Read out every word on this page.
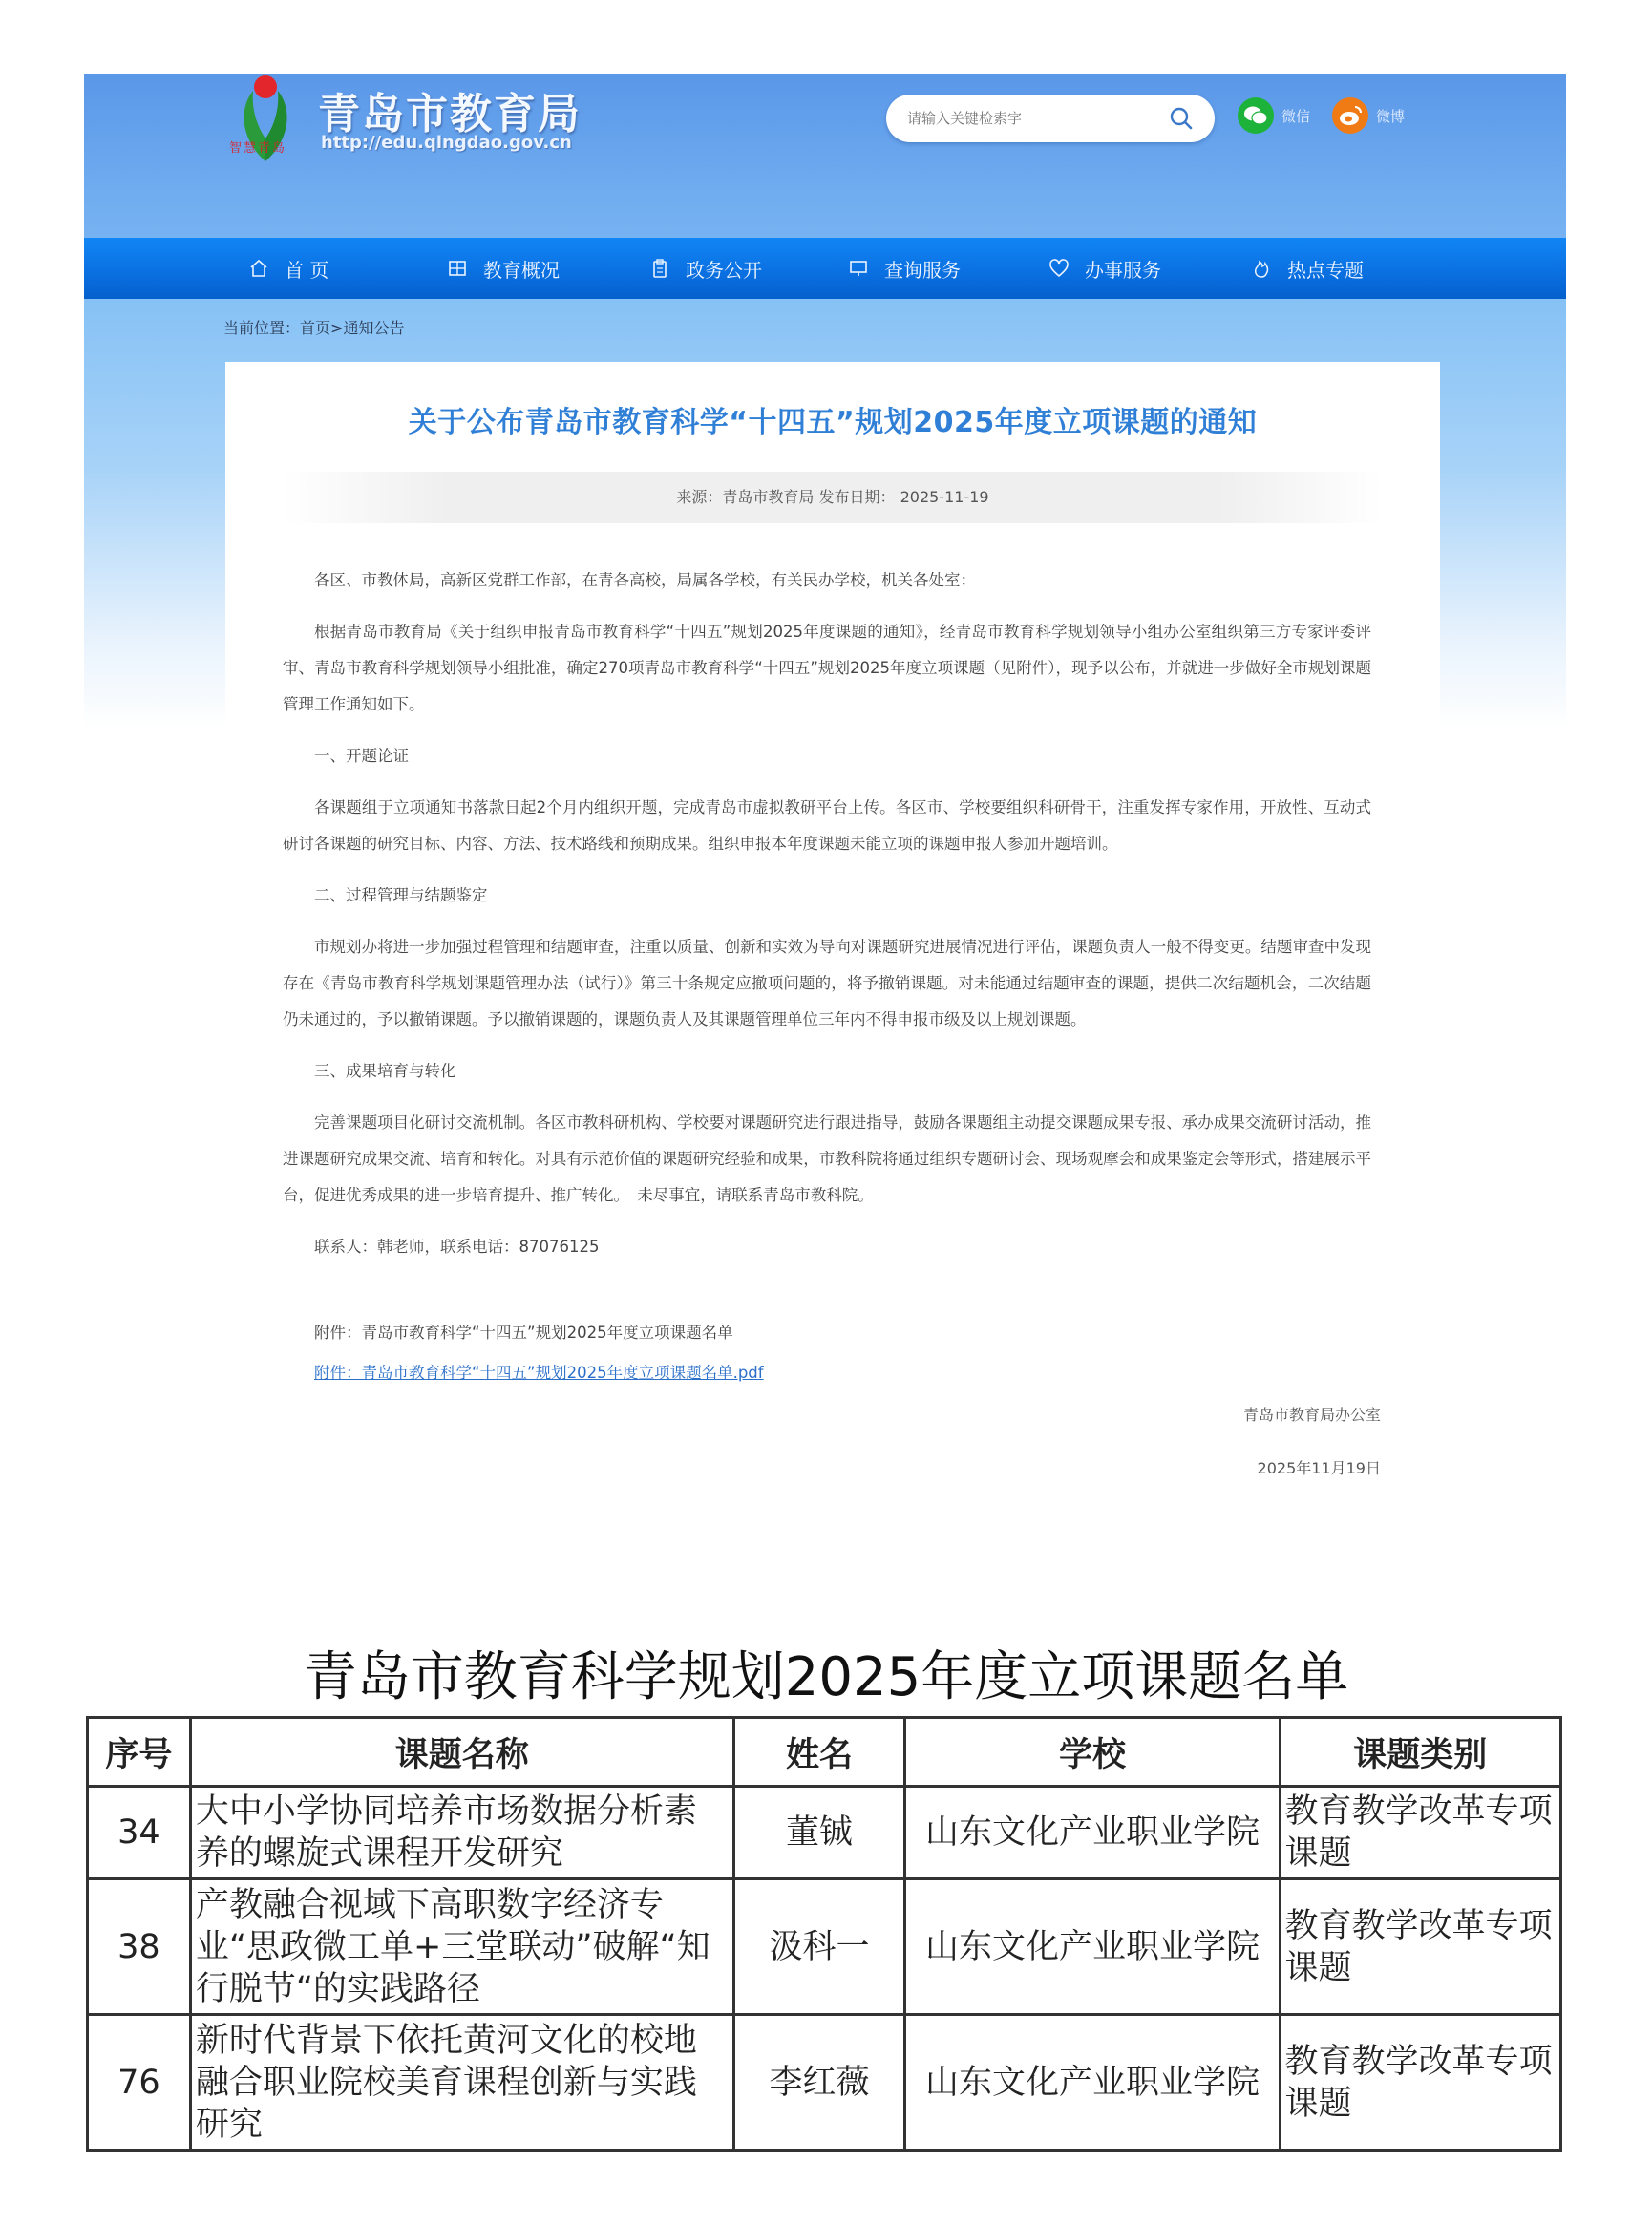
智慧青岛
青岛市教育局
http://edu.qingdao.gov.cn
请输入关键检索字
微信	微博
首 页	教育概况	政务公开	查询服务	办事服务	热点专题
当前位置：首页>通知公告
关于公布青岛市教育科学“十四五”规划2025年度立项课题的通知
来源：青岛市教育局 发布日期： 2025-11-19

各区、市教体局，高新区党群工作部，在青各高校，局属各学校，有关民办学校，机关各处室：

根据青岛市教育局《关于组织申报青岛市教育科学“十四五”规划2025年度课题的通知》，经青岛市教育科学规划领导小组办公室组织第三方专家评委评审、青岛市教育科学规划领导小组批准，确定270项青岛市教育科学“十四五”规划2025年度立项课题（见附件），现予以公布，并就进一步做好全市规划课题管理工作通知如下。

一、开题论证

各课题组于立项通知书落款日起2个月内组织开题，完成青岛市虚拟教研平台上传。各区市、学校要组织科研骨干，注重发挥专家作用，开放性、互动式研讨各课题的研究目标、内容、方法、技术路线和预期成果。组织申报本年度课题未能立项的课题申报人参加开题培训。

二、过程管理与结题鉴定

市规划办将进一步加强过程管理和结题审查，注重以质量、创新和实效为导向对课题研究进展情况进行评估，课题负责人一般不得变更。结题审查中发现存在《青岛市教育科学规划课题管理办法（试行）》第三十条规定应撤项问题的，将予撤销课题。对未能通过结题审查的课题，提供二次结题机会，二次结题仍未通过的，予以撤销课题。予以撤销课题的，课题负责人及其课题管理单位三年内不得申报市级及以上规划课题。

三、成果培育与转化

完善课题项目化研讨交流机制。各区市教科研机构、学校要对课题研究进行跟进指导，鼓励各课题组主动提交课题成果专报、承办成果交流研讨活动，推进课题研究成果交流、培育和转化。对具有示范价值的课题研究经验和成果，市教科院将通过组织专题研讨会、现场观摩会和成果鉴定会等形式，搭建展示平台，促进优秀成果的进一步培育提升、推广转化。　未尽事宜，请联系青岛市教科院。

联系人：韩老师，联系电话：87076125

附件：青岛市教育科学“十四五”规划2025年度立项课题名单

附件：青岛市教育科学“十四五”规划2025年度立项课题名单.pdf

青岛市教育局办公室
2025年11月19日
青岛市教育科学规划2025年度立项课题名单
序号	课题名称	姓名	学校	课题类别
34	大中小学协同培养市场数据分析素养的螺旋式课程开发研究	董铖	山东文化产业职业学院	教育教学改革专项课题
38	产教融合视域下高职数字经济专业“思政微工单+三堂联动”破解“知行脱节“的实践路径	汲科一	山东文化产业职业学院	教育教学改革专项课题
76	新时代背景下依托黄河文化的校地融合职业院校美育课程创新与实践研究	李红薇	山东文化产业职业学院	教育教学改革专项课题
